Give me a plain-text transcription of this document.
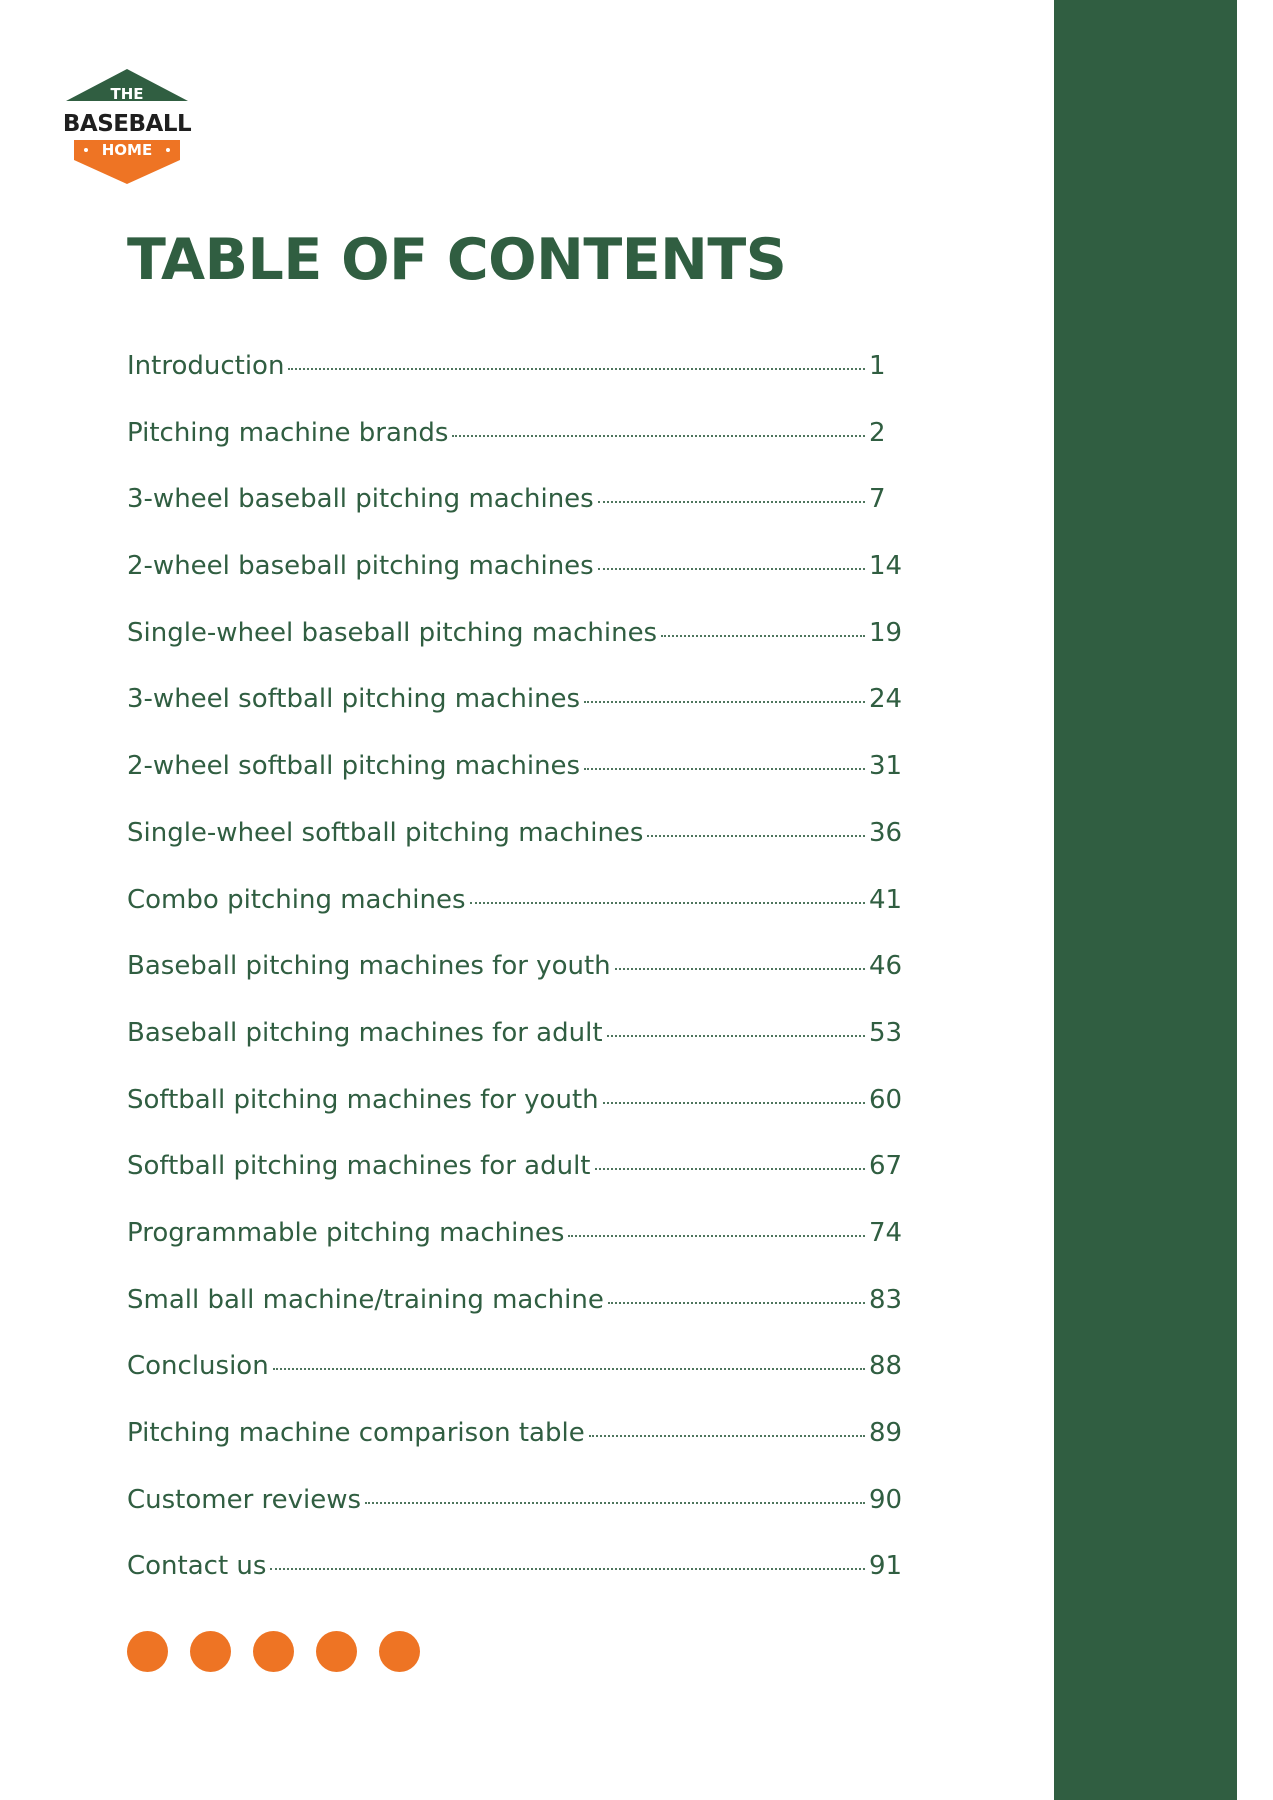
THE
BASEBALL
HOME
TABLE OF CONTENTS
Introduction	1
Pitching machine brands	2
3-wheel baseball pitching machines	7
2-wheel baseball pitching machines	14
Single-wheel baseball pitching machines	19
3-wheel softball pitching machines	24
2-wheel softball pitching machines	31
Single-wheel softball pitching machines	36
Combo pitching machines	41
Baseball pitching machines for youth	46
Baseball pitching machines for adult	53
Softball pitching machines for youth	60
Softball pitching machines for adult	67
Programmable pitching machines	74
Small ball machine/training machine	83
Conclusion	88
Pitching machine comparison table	89
Customer reviews	90
Contact us	91
